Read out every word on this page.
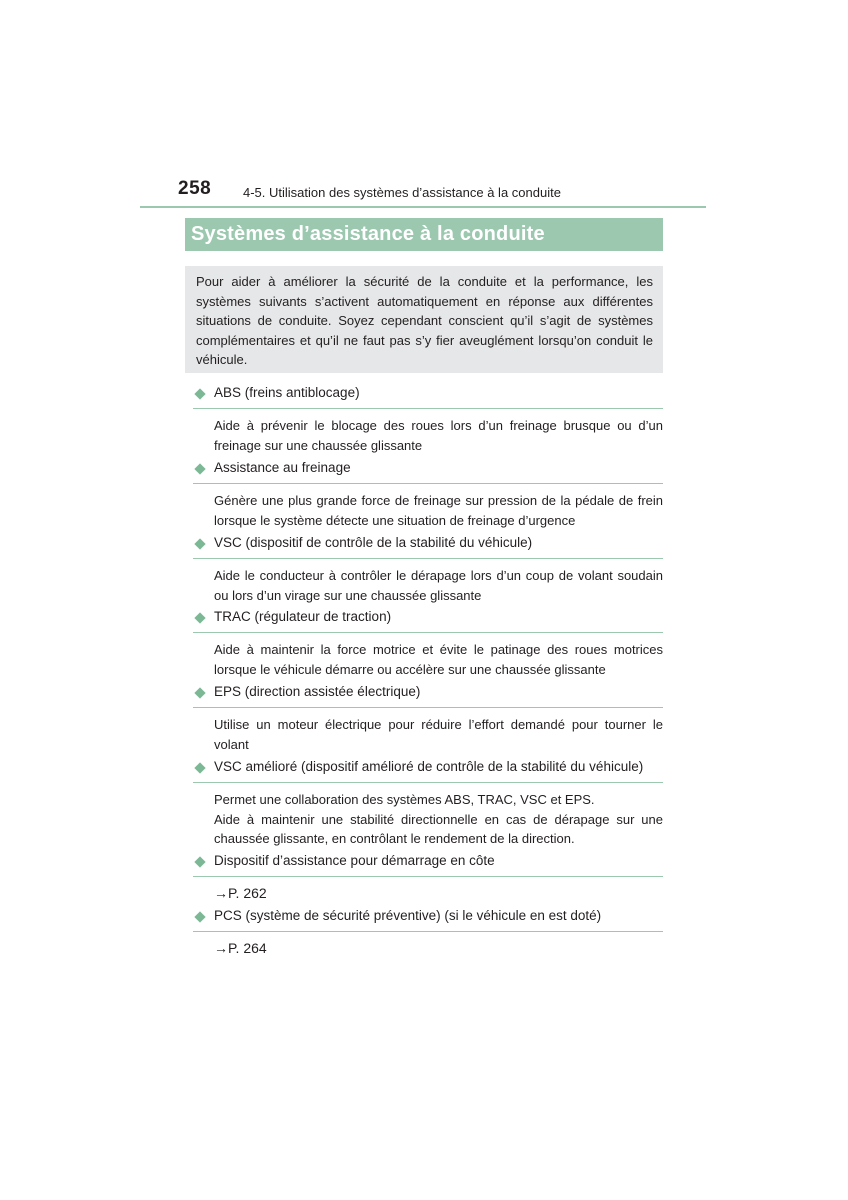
258 4-5. Utilisation des systèmes d’assistance à la conduite
Systèmes d’assistance à la conduite
Pour aider à améliorer la sécurité de la conduite et la performance, les systèmes suivants s’activent automatiquement en réponse aux différentes situations de conduite. Soyez cependant conscient qu’il s’agit de systèmes complémentaires et qu’il ne faut pas s’y fier aveuglément lorsqu’on conduit le véhicule.
ABS (freins antiblocage)

Aide à prévenir le blocage des roues lors d’un freinage brusque ou d’un freinage sur une chaussée glissante

Assistance au freinage

Génère une plus grande force de freinage sur pression de la pédale de frein lorsque le système détecte une situation de freinage d’urgence

VSC (dispositif de contrôle de la stabilité du véhicule)

Aide le conducteur à contrôler le dérapage lors d’un coup de volant soudain ou lors d’un virage sur une chaussée glissante

TRAC (régulateur de traction)

Aide à maintenir la force motrice et évite le patinage des roues motrices lorsque le véhicule démarre ou accélère sur une chaussée glissante

EPS (direction assistée électrique)

Utilise un moteur électrique pour réduire l’effort demandé pour tourner le volant

VSC amélioré (dispositif amélioré de contrôle de la stabilité du véhicule)

Permet une collaboration des systèmes ABS, TRAC, VSC et EPS.

Aide à maintenir une stabilité directionnelle en cas de dérapage sur une chaussée glissante, en contrôlant le rendement de la direction.

Dispositif d’assistance pour démarrage en côte

→P. 262

PCS (système de sécurité préventive) (si le véhicule en est doté)

→P. 264
